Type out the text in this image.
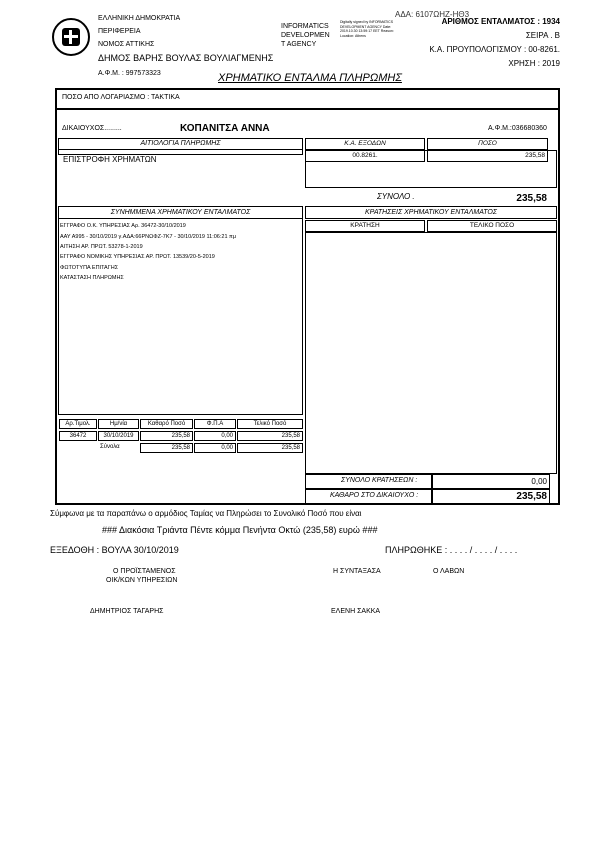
ΕΛΛΗΝΙΚΗ ΔΗΜΟΚΡΑΤΙΑ
ΠΕΡΙΦΕΡΕΙΑ
ΝΟΜΟΣ ΑΤΤΙΚΗΣ
ΔΗΜΟΣ ΒΑΡΗΣ ΒΟΥΛΑΣ ΒΟΥΛΙΑΓΜΕΝΗΣ
Α.Φ.Μ. : 997573323
INFORMATICS
DEVELOPMEN
T AGENCY
Digitally signed by INFORMATICS DEVELOPMENT AGENCY Date: 2019.10.30 13:59:17 EET Reason: Location: Athens
ΑΔΑ: 6107ΩΗΖ-ΗΘ3
ΑΡΙΘΜΟΣ ΕΝΤΑΛΜΑΤΟΣ : 1934
ΣΕΙΡΑ . Β
Κ.Α. ΠΡΟΥΠΟΛΟΓΙΣΜΟΥ : 00-8261.
ΧΡΗΣΗ : 2019
ΧΡΗΜΑΤΙΚΟ ΕΝΤΑΛΜΑ ΠΛΗΡΩΜΗΣ
ΠΟΣΟ ΑΠΟ ΛΟΓΑΡΙΑΣΜΟ : ΤΑΚΤΙΚΑ
ΔΙΚΑΙΟΥΧΟΣ.........	ΚΟΠΑΝΙΤΣΑ ΑΝΝΑ	Α.Φ.Μ.:036680360
ΑΙΤΙΟΛΟΓΙΑ ΠΛΗΡΩΜΗΣ
ΕΠΙΣΤΡΟΦΗ ΧΡΗΜΑΤΩΝ
Κ.Α. ΕΞΟΔΩΝ	ΠΟΣΟ
00.8261.	235,58
ΣΥΝΟΛΟ .	235,58
ΣΥΝΗΜΜΕΝΑ ΧΡΗΜΑΤΙΚΟΥ ΕΝΤΑΛΜΑΤΟΣ
ΕΓΓΡΑΦΟ Ο.Κ. ΥΠΗΡΕΣΙΑΣ Αρ. 36472-30/10/2019
ΑΑΥ Α995 - 30/10/2019 γ.ΑΔΑ:66ΡΝΩΦΖ-7Κ7 - 30/10/2019 11:06:21 πμ
ΑΙΤΗΣΗ ΑΡ. ΠΡΩΤ. 53278-1-2019
ΕΓΓΡΑΦΟ ΝΟΜΙΚΗΣ ΥΠΗΡΕΣΙΑΣ ΑΡ. ΠΡΩΤ. 13539/20-5-2019
ΦΩΤΟΤΥΠΑ ΕΠΙΤΑΓΗΣ
ΚΑΤΑΣΤΑΣΗ ΠΛΗΡΩΜΗΣ
ΚΡΑΤΗΣΕΙΣ ΧΡΗΜΑΤΙΚΟΥ ΕΝΤΑΛΜΑΤΟΣ
ΚΡΑΤΗΣΗ	ΤΕΛΙΚΟ ΠΟΣΟ
Αρ.Τιμολ.	Ημ/νία	Καθαρό Ποσό	Φ.Π.Α	Τελικό Ποσό
36472	30/10/2019	235,58	0,00	235,58
Σύνολα	235,58	0,00	235,58
ΣΥΝΟΛΟ ΚΡΑΤΗΣΕΩΝ :	0,00
ΚΑΘΑΡΟ ΣΤΟ ΔΙΚΑΙΟΥΧΟ :	235,58
Σύμφωνα με τα παραπάνω ο αρμόδιος Ταμίας να Πληρώσει το Συνολικό Ποσό που είναι
### Διακόσια Τριάντα Πέντε κόμμα Πενήντα Οκτώ (235,58) ευρώ ###
ΕΞΕΔΟΘΗ : ΒΟΥΛΑ 30/10/2019	ΠΛΗΡΩΘΗΚΕ : . . . . / . . . . / . . . .
Ο ΠΡΟΪΣΤΑΜΕΝΟΣ
ΟΙΚ/ΚΩΝ ΥΠΗΡΕΣΙΩΝ
Η ΣΥΝΤΑΞΑΣΑ	Ο ΛΑΒΩΝ
ΔΗΜΗΤΡΙΟΣ ΤΑΓΑΡΗΣ	ΕΛΕΝΗ ΣΑΚΚΑ
